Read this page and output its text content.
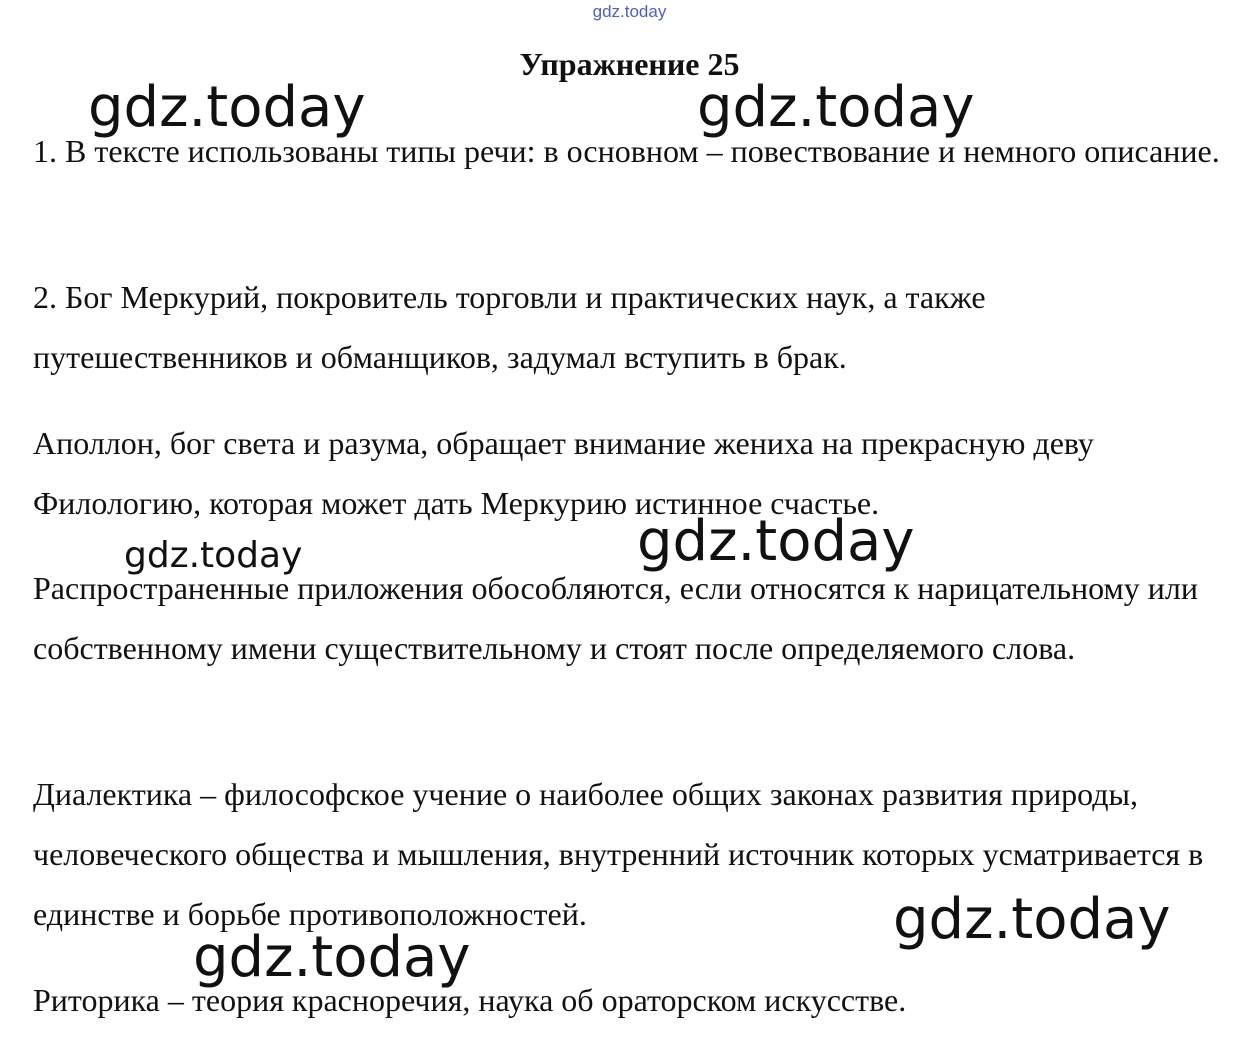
gdz.today
Упражнение 25

1. В тексте использованы типы речи: в основном – повествование и немного описание.

2. Бог Меркурий, покровитель торговли и практических наук, а также путешественников и обманщиков, задумал вступить в брак.

Аполлон, бог света и разума, обращает внимание жениха на прекрасную деву Филологию, которая может дать Меркурию истинное счастье.

Распространенные приложения обособляются, если относятся к нарицательному или собственному имени существительному и стоят после определяемого слова.

Диалектика – философское учение о наиболее общих законах развития природы, человеческого общества и мышления, внутренний источник которых усматривается в единстве и борьбе противоположностей.

Риторика – теория красноречия, наука об ораторском искусстве.

gdz.today	gdz.today
gdz.today	gdz.today
gdz.today
gdz.today
